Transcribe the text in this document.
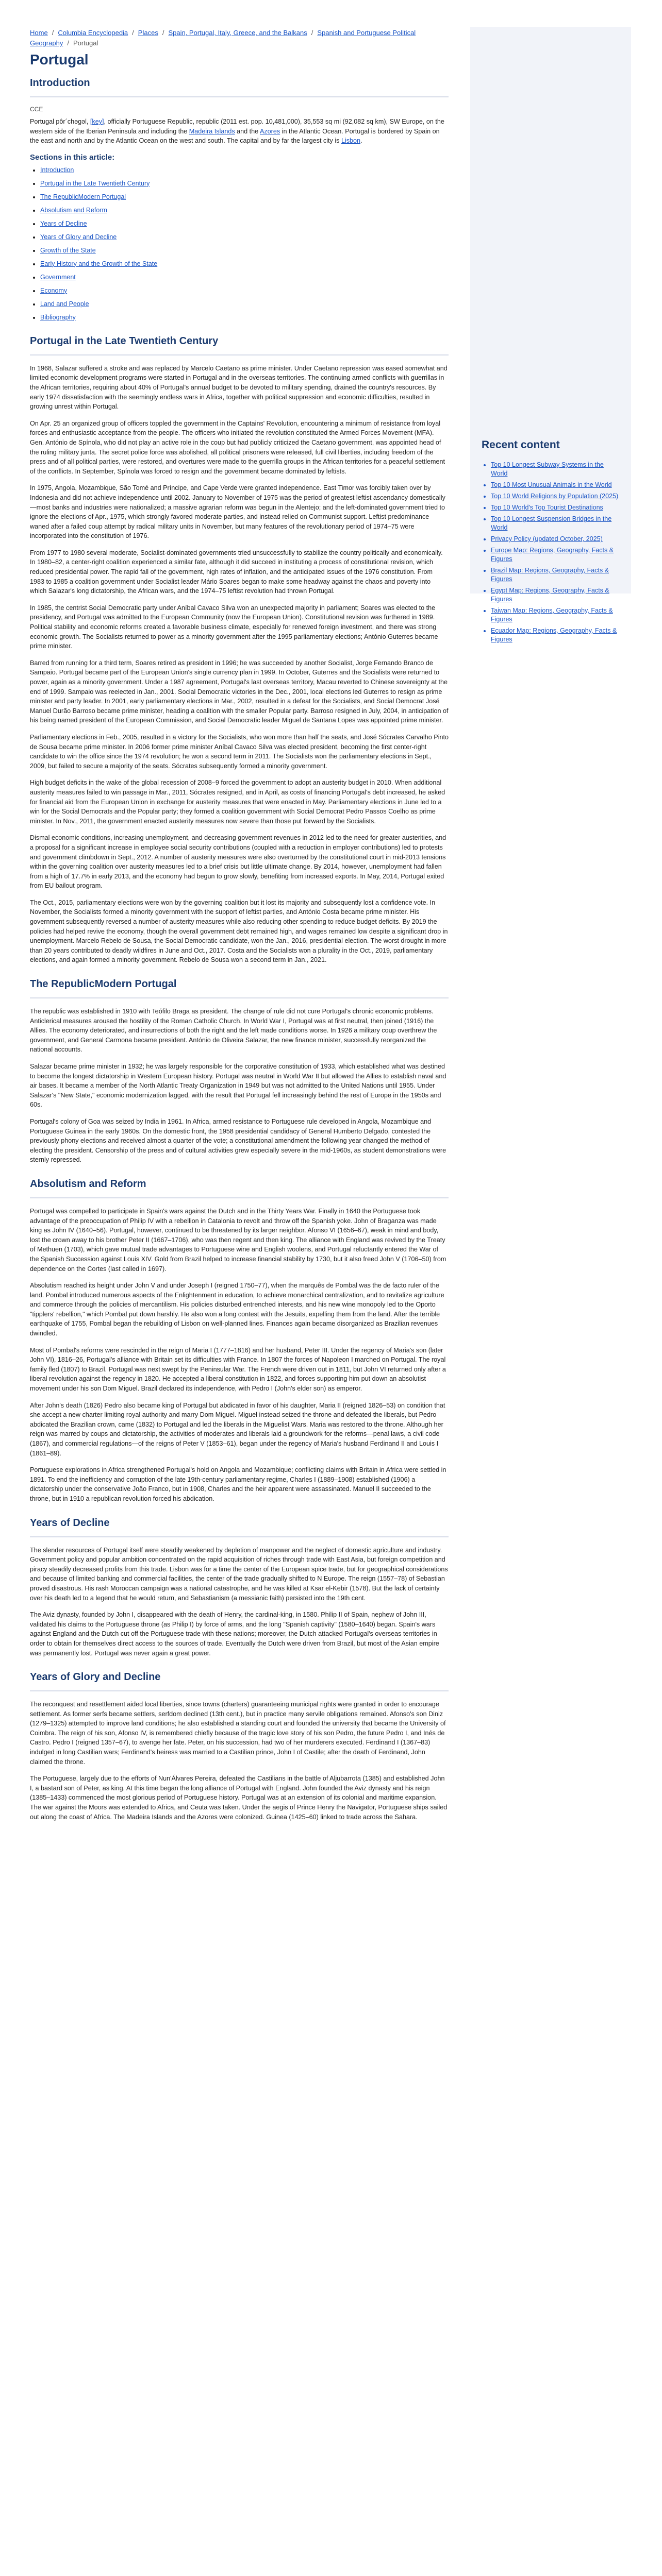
Home / Columbia Encyclopedia / Places / Spain, Portugal, Italy, Greece, and the Balkans / Spanish and Portuguese Political Geography / Portugal
Portugal
Introduction
CCE

Portugal pôr´chəgəl, [key], officially Portuguese Republic, republic (2011 est. pop. 10,481,000), 35,553 sq mi (92,082 sq km), SW Europe, on the western side of the Iberian Peninsula and including the Madeira Islands and the Azores in the Atlantic Ocean. Portugal is bordered by Spain on the east and north and by the Atlantic Ocean on the west and south. The capital and by far the largest city is Lisbon.

Sections in this article:
• Introduction
• Portugal in the Late Twentieth Century
• The RepublicModern Portugal
• Absolutism and Reform
• Years of Decline
• Years of Glory and Decline
• Growth of the State
• Early History and the Growth of the State
• Government
• Economy
• Land and People
• Bibliography
Portugal in the Late Twentieth Century

In 1968, Salazar suffered a stroke and was replaced by Marcelo Caetano as prime minister. Under Caetano repression was eased somewhat and limited economic development programs were started in Portugal and in the overseas territories. The continuing armed conflicts with guerrillas in the African territories, requiring about 40% of Portugal's annual budget to be devoted to military spending, drained the country's resources. By early 1974 dissatisfaction with the seemingly endless wars in Africa, together with political suppression and economic difficulties, resulted in growing unrest within Portugal.

On Apr. 25 an organized group of officers toppled the government in the Captains' Revolution, encountering a minimum of resistance from loyal forces and enthusiastic acceptance from the people. The officers who initiated the revolution constituted the Armed Forces Movement (MFA). Gen. António de Spínola, who did not play an active role in the coup but had publicly criticized the Caetano government, was appointed head of the ruling military junta. The secret police force was abolished, all political prisoners were released, full civil liberties, including freedom of the press and of all political parties, were restored, and overtures were made to the guerrilla groups in the African territories for a peaceful settlement of the conflicts. In September, Spínola was forced to resign and the government became dominated by leftists.

In 1975, Angola, Mozambique, São Tomé and Príncipe, and Cape Verde were granted independence. East Timor was forcibly taken over by Indonesia and did not achieve independence until 2002. January to November of 1975 was the period of greatest leftist ascendancy domestically—most banks and industries were nationalized; a massive agrarian reform was begun in the Alentejo; and the left-dominated government tried to ignore the elections of Apr., 1975, which strongly favored moderate parties, and instead relied on Communist support. Leftist predominance waned after a failed coup attempt by radical military units in November, but many features of the revolutionary period of 1974–75 were incorporated into the constitution of 1976.

From 1977 to 1980 several moderate, Socialist-dominated governments tried unsuccessfully to stabilize the country politically and economically. In 1980–82, a center-right coalition experienced a similar fate, although it did succeed in instituting a process of constitutional revision, which reduced presidential power. The rapid fall of the government, high rates of inflation, and the anticipated issues of the 1976 constitution. From 1983 to 1985 a coalition government under Socialist leader Mário Soares began to make some headway against the chaos and poverty into which Salazar's long dictatorship, the African wars, and the 1974–75 leftist revolution had thrown Portugal.

In 1985, the centrist Social Democratic party under Aníbal Cavaco Silva won an unexpected majority in parliament; Soares was elected to the presidency, and Portugal was admitted to the European Community (now the European Union). Constitutional revision was furthered in 1989. Political stability and economic reforms created a favorable business climate, especially for renewed foreign investment, and there was strong economic growth. The Socialists returned to power as a minority government after the 1995 parliamentary elections; António Guterres became prime minister.

Barred from running for a third term, Soares retired as president in 1996; he was succeeded by another Socialist, Jorge Fernando Branco de Sampaio. Portugal became part of the European Union's single currency plan in 1999. In October, Guterres and the Socialists were returned to power, again as a minority government. Under a 1987 agreement, Portugal's last overseas territory, Macau reverted to Chinese sovereignty at the end of 1999. Sampaio was reelected in Jan., 2001. Social Democratic victories in the Dec., 2001, local elections led Guterres to resign as prime minister and party leader. In 2001, early parliamentary elections in Mar., 2002, resulted in a defeat for the Socialists, and Social Democrat José Manuel Durão Barroso became prime minister, heading a coalition with the smaller Popular party. Barroso resigned in July, 2004, in anticipation of his being named president of the European Commission, and Social Democratic leader Miguel de Santana Lopes was appointed prime minister.

Parliamentary elections in Feb., 2005, resulted in a victory for the Socialists, who won more than half the seats, and José Sócrates Carvalho Pinto de Sousa became prime minister. In 2006 former prime minister Aníbal Cavaco Silva was elected president, becoming the first center-right candidate to win the office since the 1974 revolution; he won a second term in 2011. The Socialists won the parliamentary elections in Sept., 2009, but failed to secure a majority of the seats. Sócrates subsequently formed a minority government.

High budget deficits in the wake of the global recession of 2008–9 forced the government to adopt an austerity budget in 2010. When additional austerity measures failed to win passage in Mar., 2011, Sócrates resigned, and in April, as costs of financing Portugal's debt increased, he asked for financial aid from the European Union in exchange for austerity measures that were enacted in May. Parliamentary elections in June led to a win for the Social Democrats and the Popular party; they formed a coalition government with Social Democrat Pedro Passos Coelho as prime minister. In Nov., 2011, the government enacted austerity measures now severe than those put forward by the Socialists.

Dismal economic conditions, increasing unemployment, and decreasing government revenues in 2012 led to the need for greater austerities, and a proposal for a significant increase in employee social security contributions (coupled with a reduction in employer contributions) led to protests and government climbdown in Sept., 2012. A number of austerity measures were also overturned by the constitutional court in mid-2013 tensions within the governing coalition over austerity measures led to a brief crisis but little ultimate change. By 2014, however, unemployment had fallen from a high of 17.7% in early 2013, and the economy had begun to grow slowly, benefiting from increased exports. In May, 2014, Portugal exited from EU bailout program.

The Oct., 2015, parliamentary elections were won by the governing coalition but it lost its majority and subsequently lost a confidence vote. In November, the Socialists formed a minority government with the support of leftist parties, and António Costa became prime minister. His government subsequently reversed a number of austerity measures while also reducing other spending to reduce budget deficits. By 2019 the policies had helped revive the economy, though the overall government debt remained high, and wages remained low despite a significant drop in unemployment. Marcelo Rebelo de Sousa, the Social Democratic candidate, won the Jan., 2016, presidential election. The worst drought in more than 20 years contributed to deadly wildfires in June and Oct., 2017. Costa and the Socialists won a plurality in the Oct., 2019, parliamentary elections, and again formed a minority government. Rebelo de Sousa won a second term in Jan., 2021.

The RepublicModern Portugal

The republic was established in 1910 with Teófilo Braga as president. The change of rule did not cure Portugal's chronic economic problems. Anticlerical measures aroused the hostility of the Roman Catholic Church. In World War I, Portugal was at first neutral, then joined (1916) the Allies. The economy deteriorated, and insurrections of both the right and the left made conditions worse. In 1926 a military coup overthrew the government, and General Carmona became president. António de Oliveira Salazar, the new finance minister, successfully reorganized the national accounts.

Salazar became prime minister in 1932; he was largely responsible for the corporative constitution of 1933, which established what was destined to become the longest dictatorship in Western European history. Portugal was neutral in World War II but allowed the Allies to establish naval and air bases. It became a member of the North Atlantic Treaty Organization in 1949 but was not admitted to the United Nations until 1955. Under Salazar's "New State," economic modernization lagged, with the result that Portugal fell increasingly behind the rest of Europe in the 1950s and 60s.

Portugal's colony of Goa was seized by India in 1961. In Africa, armed resistance to Portuguese rule developed in Angola, Mozambique and Portuguese Guinea in the early 1960s. On the domestic front, the 1958 presidential candidacy of General Humberto Delgado, contested the previously phony elections and received almost a quarter of the vote; a constitutional amendment the following year changed the method of electing the president. Censorship of the press and of cultural activities grew especially severe in the mid-1960s, as student demonstrations were sternly repressed.

Absolutism and Reform

Portugal was compelled to participate in Spain's wars against the Dutch and in the Thirty Years War. Finally in 1640 the Portuguese took advantage of the preoccupation of Philip IV with a rebellion in Catalonia to revolt and throw off the Spanish yoke. John of Braganza was made king as John IV (1640–56). Portugal, however, continued to be threatened by its larger neighbor. Afonso VI (1656–67), weak in mind and body, lost the crown away to his brother Peter II (1667–1706), who was then regent and then king. The alliance with England was revived by the Treaty of Methuen (1703), which gave mutual trade advantages to Portuguese wine and English woolens, and Portugal reluctantly entered the War of the Spanish Succession against Louis XIV. Gold from Brazil helped to increase financial stability by 1730, but it also freed John V (1706–50) from dependence on the Cortes (last called in 1697).

Absolutism reached its height under John V and under Joseph I (reigned 1750–77), when the marquês de Pombal was the de facto ruler of the land. Pombal introduced numerous aspects of the Enlightenment in education, to achieve monarchical centralization, and to revitalize agriculture and commerce through the policies of mercantilism. His policies disturbed entrenched interests, and his new wine monopoly led to the Oporto "tipplers' rebellion," which Pombal put down harshly. He also won a long contest with the Jesuits, expelling them from the land. After the terrible earthquake of 1755, Pombal began the rebuilding of Lisbon on well-planned lines. Finances again became disorganized as Brazilian revenues dwindled.

Most of Pombal's reforms were rescinded in the reign of Maria I (1777–1816) and her husband, Peter III. Under the regency of Maria's son (later John VI), 1816–26, Portugal's alliance with Britain set its difficulties with France. In 1807 the forces of Napoleon I marched on Portugal. The royal family fled (1807) to Brazil. Portugal was next swept by the Peninsular War. The French were driven out in 1811, but John VI returned only after a liberal revolution against the regency in 1820. He accepted a liberal constitution in 1822, and forces supporting him put down an absolutist movement under his son Dom Miguel. Brazil declared its independence, with Pedro I (John's elder son) as emperor.

After John's death (1826) Pedro also became king of Portugal but abdicated in favor of his daughter, Maria II (reigned 1826–53) on condition that she accept a new charter limiting royal authority and marry Dom Miguel. Miguel instead seized the throne and defeated the liberals, but Pedro abdicated the Brazilian crown, came (1832) to Portugal and led the liberals in the Miguelist Wars. Maria was restored to the throne. Although her reign was marred by coups and dictatorship, the activities of moderates and liberals laid a groundwork for the reforms—penal laws, a civil code (1867), and commercial regulations—of the reigns of Peter V (1853–61), began under the regency of Maria's husband Ferdinand II and Louis I (1861–89).

Portuguese explorations in Africa strengthened Portugal's hold on Angola and Mozambique; conflicting claims with Britain in Africa were settled in 1891. To end the inefficiency and corruption of the late 19th-century parliamentary regime, Charles I (1889–1908) established (1906) a dictatorship under the conservative João Franco, but in 1908, Charles and the heir apparent were assassinated. Manuel II succeeded to the throne, but in 1910 a republican revolution forced his abdication.

Years of Decline

The slender resources of Portugal itself were steadily weakened by depletion of manpower and the neglect of domestic agriculture and industry. Government policy and popular ambition concentrated on the rapid acquisition of riches through trade with East Asia, but foreign competition and piracy steadily decreased profits from this trade. Lisbon was for a time the center of the European spice trade, but for geographical considerations and because of limited banking and commercial facilities, the center of the trade gradually shifted to N Europe. The reign (1557–78) of Sebastian proved disastrous. His rash Moroccan campaign was a national catastrophe, and he was killed at Ksar el-Kebir (1578). But the lack of certainty over his death led to a legend that he would return, and Sebastianism (a messianic faith) persisted into the 19th cent.

The Aviz dynasty, founded by John I, disappeared with the death of Henry, the cardinal-king, in 1580. Philip II of Spain, nephew of John III, validated his claims to the Portuguese throne (as Philip I) by force of arms, and the long "Spanish captivity" (1580–1640) began. Spain's wars against England and the Dutch cut off the Portuguese trade with these nations; moreover, the Dutch attacked Portugal's overseas territories in order to obtain for themselves direct access to the sources of trade. Eventually the Dutch were driven from Brazil, but most of the Asian empire was permanently lost. Portugal was never again a great power.

Years of Glory and Decline

The reconquest and resettlement aided local liberties, since towns (charters) guaranteeing municipal rights were granted in order to encourage settlement. As former serfs became settlers, serfdom declined (13th cent.), but in practice many servile obligations remained. Afonso's son Diniz (1279–1325) attempted to improve land conditions; he also established a standing court and founded the university that became the University of Coimbra. The reign of his son, Afonso IV, is remembered chiefly because of the tragic love story of his son Pedro, the future Pedro I, and Inés de Castro. Pedro I (reigned 1357–67), to avenge her fate. Peter, on his succession, had two of her murderers executed. Ferdinand I (1367–83) indulged in long Castilian wars; Ferdinand's heiress was married to a Castilian prince, John I of Castile; after the death of Ferdinand, John claimed the throne.

The Portuguese, largely due to the efforts of Nun'Álvares Pereira, defeated the Castilians in the battle of Aljubarrota (1385) and established John I, a bastard son of Peter, as king. At this time began the long alliance of Portugal with England. John founded the Aviz dynasty and his reign (1385–1433) commenced the most glorious period of Portuguese history. Portugal was at an extension of its colonial and maritime expansion. The war against the Moors was extended to Africa, and Ceuta was taken. Under the aegis of Prince Henry the Navigator, Portuguese ships sailed out along the coast of Africa. The Madeira Islands and the Azores were colonized. Guinea (1425–60) linked to trade across the Sahara.

Recent content
• Top 10 Longest Subway Systems in the World
• Top 10 Most Unusual Animals in the World
• Top 10 World Religions by Population (2025)
• Top 10 World's Top Tourist Destinations
• Top 10 Longest Suspension Bridges in the World
• Privacy Policy (updated October, 2025)
• Europe Map: Regions, Geography, Facts & Figures
• Brazil Map: Regions, Geography, Facts & Figures
• Egypt Map: Regions, Geography, Facts & Figures
• Taiwan Map: Regions, Geography, Facts & Figures
• Ecuador Map: Regions, Geography, Facts & Figures
